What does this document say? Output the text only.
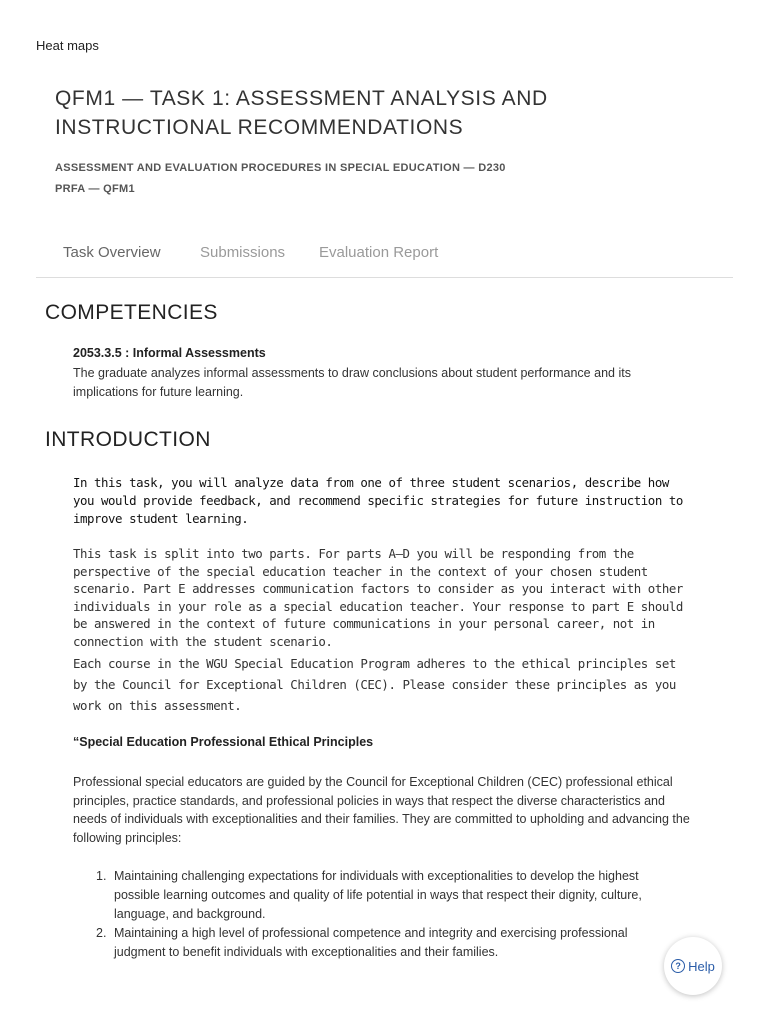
Heat maps
QFM1 — TASK 1: ASSESSMENT ANALYSIS AND INSTRUCTIONAL RECOMMENDATIONS
ASSESSMENT AND EVALUATION PROCEDURES IN SPECIAL EDUCATION — D230
PRFA — QFM1
Task Overview	Submissions Evaluation Report
COMPETENCIES
2053.3.5 : Informal Assessments
The graduate analyzes informal assessments to draw conclusions about student performance and its implications for future learning.
INTRODUCTION
In this task, you will analyze data from one of three student scenarios, describe how you would provide feedback, and recommend specific strategies for future instruction to improve student learning.
This task is split into two parts. For parts A–D you will be responding from the perspective of the special education teacher in the context of your chosen student scenario. Part E addresses communication factors to consider as you interact with other individuals in your role as a special education teacher. Your response to part E should be answered in the context of future communications in your personal career, not in connection with the student scenario.
Each course in the WGU Special Education Program adheres to the ethical principles set by the Council for Exceptional Children (CEC). Please consider these principles as you work on this assessment.
“Special Education Professional Ethical Principles
Professional special educators are guided by the Council for Exceptional Children (CEC) professional ethical principles, practice standards, and professional policies in ways that respect the diverse characteristics and needs of individuals with exceptionalities and their families. They are committed to upholding and advancing the following principles:
1. Maintaining challenging expectations for individuals with exceptionalities to develop the highest possible learning outcomes and quality of life potential in ways that respect their dignity, culture, language, and background.
2. Maintaining a high level of professional competence and integrity and exercising professional judgment to benefit individuals with exceptionalities and their families.
? Help
